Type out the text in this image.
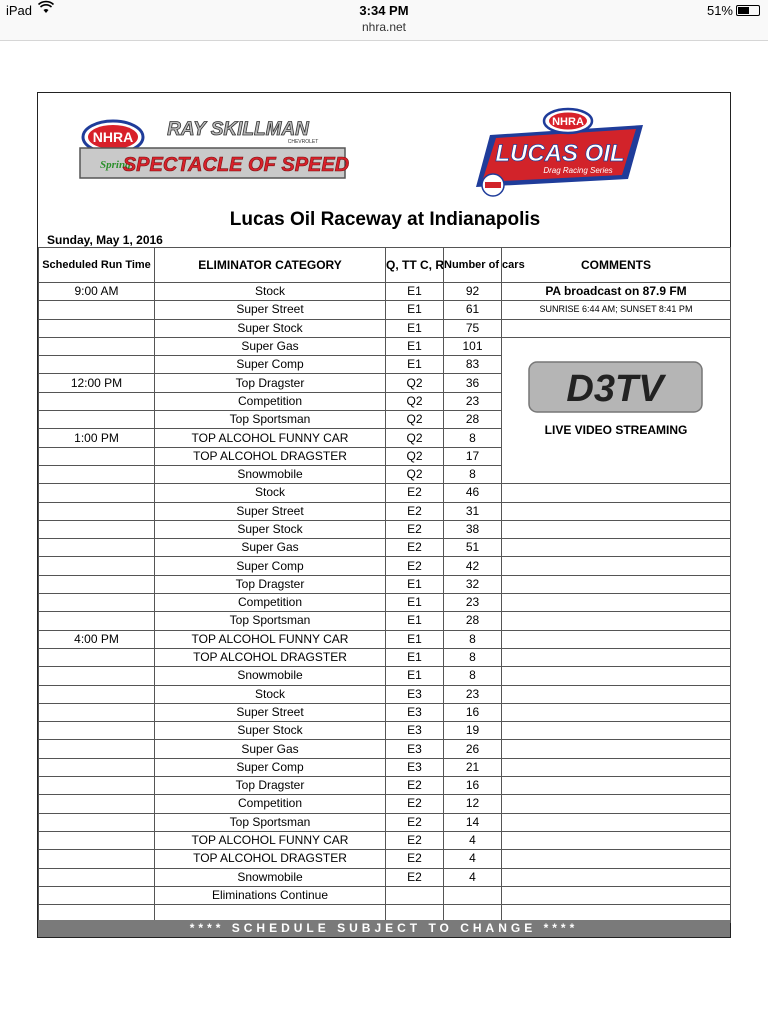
iPad	3:34 PM
nhra.net
51%
NHRA RAY SKILLMAN
CHEVROLET
Spring
SPECTACLE OF SPEED
NHRA
LUCAS OIL
Drag Racing Series
Lucas Oil Raceway at Indianapolis
Sunday, May 1, 2016
Scheduled Run Time	ELIMINATOR CATEGORY	Q, TT C, R	Number of cars	COMMENTS
9:00 AM	Stock	E1	92	PA broadcast on 87.9 FM
	Super Street	E1	61	SUNRISE 6:44 AM; SUNSET 8:41 PM
	Super Stock	E1	75	
	Super Gas	E1	101	
	Super Comp	E1	83	
12:00 PM	Top Dragster	Q2	36	
	Competition	Q2	23	
	Top Sportsman	Q2	28	
1:00 PM	TOP ALCOHOL FUNNY CAR	Q2	8	
	TOP ALCOHOL DRAGSTER	Q2	17	
	Snowmobile	Q2	8	
	Stock	E2	46	
	Super Street	E2	31	
	Super Stock	E2	38	
	Super Gas	E2	51	
	Super Comp	E2	42	
	Top Dragster	E1	32	
	Competition	E1	23	
	Top Sportsman	E1	28	
4:00 PM	TOP ALCOHOL FUNNY CAR	E1	8	
	TOP ALCOHOL DRAGSTER	E1	8	
	Snowmobile	E1	8	
	Stock	E3	23	
	Super Street	E3	16	
	Super Stock	E3	19	
	Super Gas	E3	26	
	Super Comp	E3	21	
	Top Dragster	E2	16	
	Competition	E2	12	
	Top Sportsman	E2	14	
	TOP ALCOHOL FUNNY CAR	E2	4	
	TOP ALCOHOL DRAGSTER	E2	4	
	Snowmobile	E2	4	
	Eliminations Continue			

D3TV
LIVE VIDEO STREAMING
**** SCHEDULE SUBJECT TO CHANGE ****
